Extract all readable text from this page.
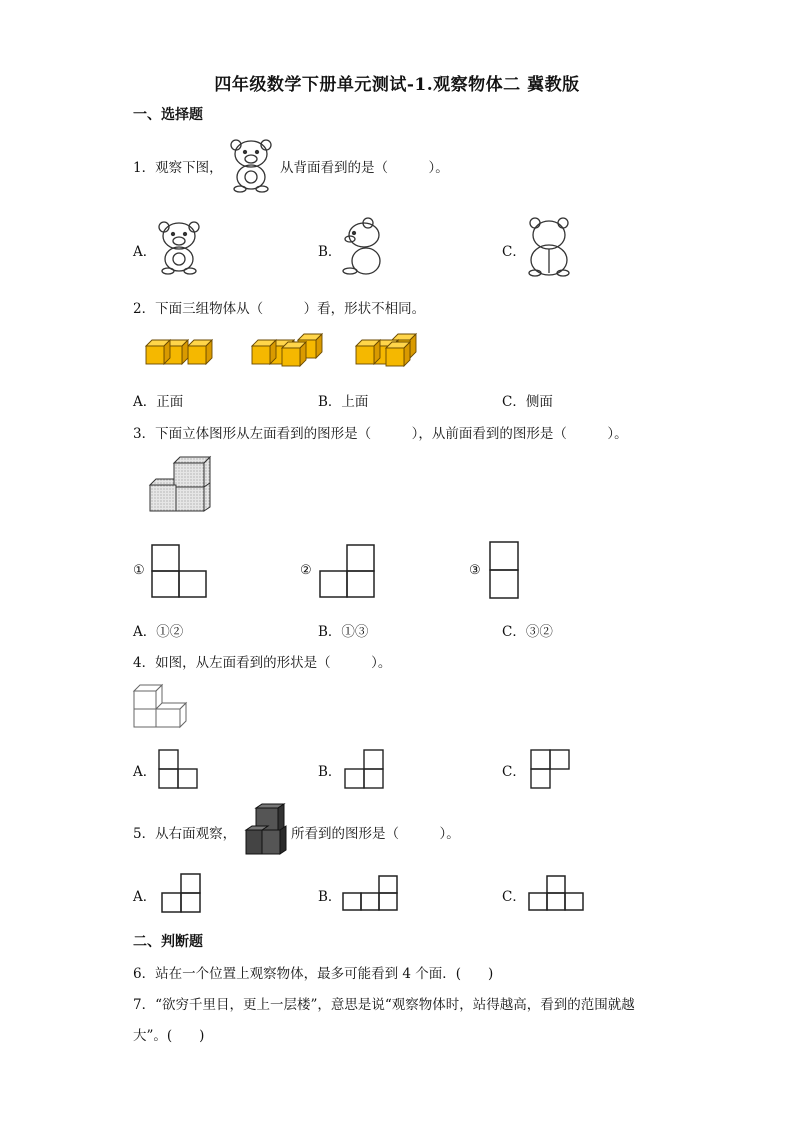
四年级数学下册单元测试-1.观察物体二 冀教版
一、选择题
1．观察下图，	从背面看到的是（　　　）。
A．	B．	C．
2．下面三组物体从（　　　）看，形状不相同。
A．正面	B．上面	C．侧面
3．下面立体图形从左面看到的图形是（　　　），从前面看到的图形是（　　　）。
①	②	③
A．①②	B．①③	C．③②
4．如图，从左面看到的形状是（　　　）。
A．	B．	C．
5．从右面观察，	所看到的图形是（　　　）。
A．	B．	C．
二、判断题
6．站在一个位置上观察物体，最多可能看到 4 个面．(　　)
7．“欲穷千里目，更上一层楼”，意思是说“观察物体时，站得越高，看到的范围就越
大”。(　　)
